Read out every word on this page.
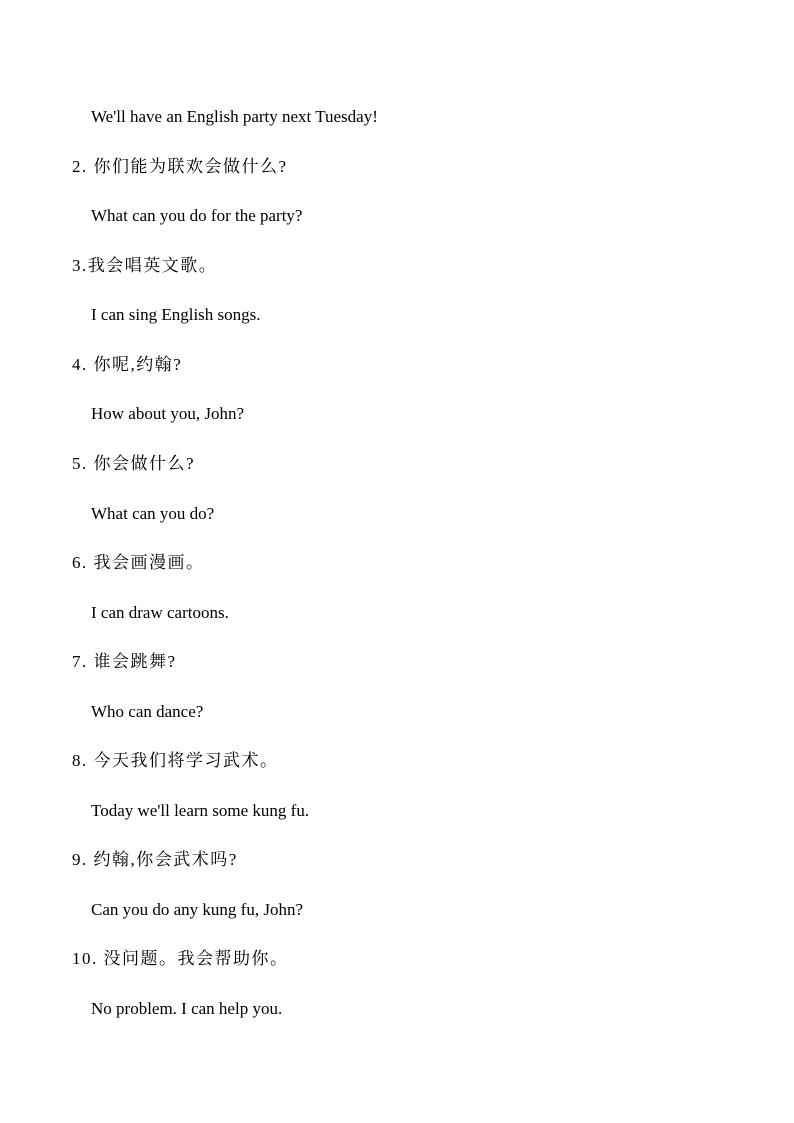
We'll have an English party next Tuesday!
2. 你们能为联欢会做什么?
What can you do for the party?
3.我会唱英文歌。
I can sing English songs.
4. 你呢,约翰?
How about you, John?
5. 你会做什么?
What can you do?
6. 我会画漫画。
I can draw cartoons.
7. 谁会跳舞?
Who can dance?
8. 今天我们将学习武术。
Today we'll learn some kung fu.
9. 约翰,你会武术吗?
Can you do any kung fu, John?
10. 没问题。我会帮助你。
No problem. I can help you.
